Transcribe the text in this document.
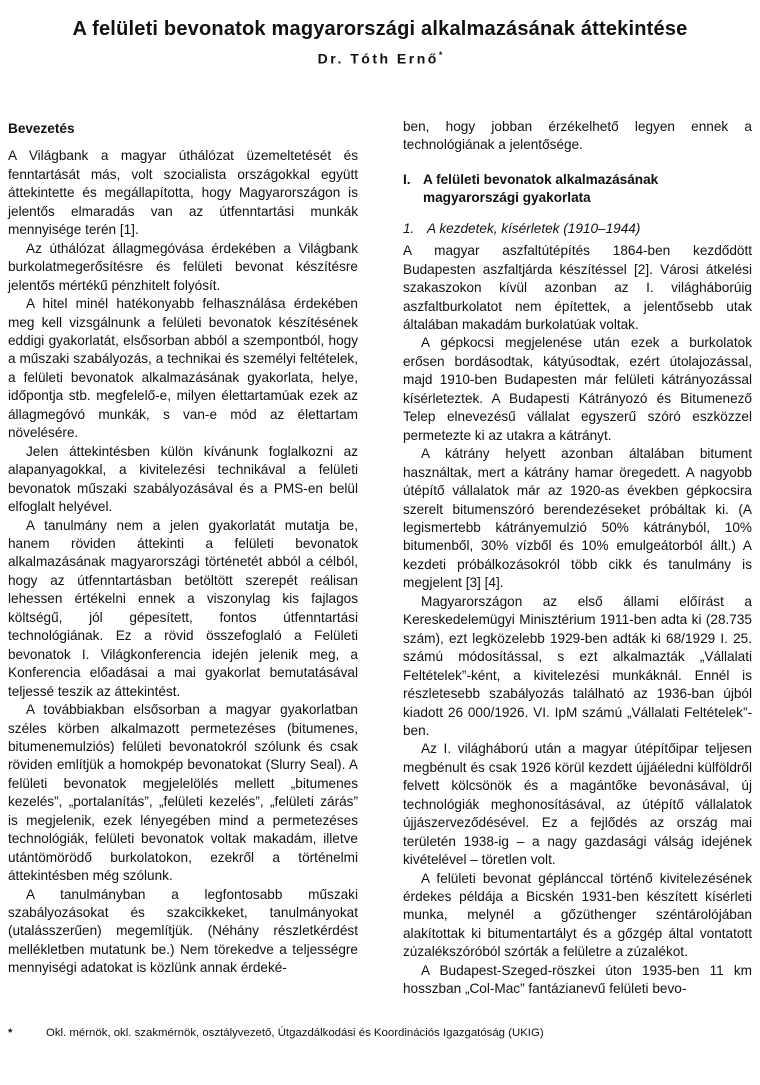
A felületi bevonatok magyarországi alkalmazásának áttekintése
Dr. Tóth Ernő*
Bevezetés

A Világbank a magyar úthálózat üzemeltetését és fenntartását más, volt szocialista országokkal együtt áttekintette és megállapította, hogy Magyarországon is jelentős elmaradás van az útfenntartási munkák mennyisége terén [1].

Az úthálózat állagmegóvása érdekében a Világbank burkolatmegerősítésre és felületi bevonat készítésre jelentős mértékű pénzhitelt folyósít.

A hitel minél hatékonyabb felhasználása érdekében meg kell vizsgálnunk a felületi bevonatok készítésének eddigi gyakorlatát, elsősorban abból a szempontból, hogy a műszaki szabályozás, a technikai és személyi feltételek, a felületi bevonatok alkalmazásának gyakorlata, helye, időpontja stb. megfelelő-e, milyen élettartamúak ezek az állagmegóvó munkák, s van-e mód az élettartam növelésére.

Jelen áttekintésben külön kívánunk foglalkozni az alapanyagokkal, a kivitelezési technikával a felületi bevonatok műszaki szabályozásával és a PMS-en belül elfoglalt helyével.

A tanulmány nem a jelen gyakorlatát mutatja be, hanem röviden áttekinti a felületi bevonatok alkalmazásának magyarországi történetét abból a célból, hogy az útfenntartásban betöltött szerepét reálisan lehessen értékelni ennek a viszonylag kis fajlagos költségű, jól gépesített, fontos útfenntartási technológiának. Ez a rövid összefoglaló a Felületi bevonatok I. Világkonferencia idején jelenik meg, a Konferencia előadásai a mai gyakorlat bemutatásával teljessé teszik az áttekintést.

A továbbiakban elsősorban a magyar gyakorlatban széles körben alkalmazott permetezéses (bitumenes, bitumenemulziós) felületi bevonatokról szólunk és csak röviden említjük a homokpép bevonatokat (Slurry Seal). A felületi bevonatok megjelelölés mellett „bitumenes kezelés”, „portalanítás”, „felületi kezelés”, „felületi zárás” is megjelenik, ezek lényegében mind a permetezéses technológiák, felületi bevonatok voltak makadám, illetve utántömörödő burkolatokon, ezekről a történelmi áttekintésben még szólunk.

A tanulmányban a legfontosabb műszaki szabályozásokat és szakcikkeket, tanulmányokat (utalásszerűen) megemlítjük. (Néhány részletkérdést mellékletben mutatunk be.) Nem törekedve a teljességre mennyiségi adatokat is közlünk annak érdeké-

ben, hogy jobban érzékelhető legyen ennek a technológiának a jelentősége.

I. A felületi bevonatok alkalmazásának magyarországi gyakorlata
1. A kezdetek, kísérletek (1910–1944)

A magyar aszfaltútépítés 1864-ben kezdődött Budapesten aszfaltjárda készítéssel [2]. Városi átkelési szakaszokon kívül azonban az I. világháborúig aszfaltburkolatot nem építettek, a jelentősebb utak általában makadám burkolatúak voltak.

A gépkocsi megjelenése után ezek a burkolatok erősen bordásodtak, kátyúsodtak, ezért útolajozással, majd 1910-ben Budapesten már felületi kátrányozással kísérleteztek. A Budapesti Kátrányozó és Bitumenező Telep elnevezésű vállalat egyszerű szóró eszközzel permetezte ki az utakra a kátrányt.

A kátrány helyett azonban általában bitument használtak, mert a kátrány hamar öregedett. A nagyobb útépítő vállalatok már az 1920-as években gépkocsira szerelt bitumenszóró berendezéseket próbáltak ki. (A legismertebb kátrányemulzió 50% kátrányból, 10% bitumenből, 30% vízből és 10% emulgeátorból állt.) A kezdeti próbálkozásokról több cikk és tanulmány is megjelent [3] [4].

Magyarországon az első állami előírást a Kereskedelemügyi Minisztérium 1911-ben adta ki (28.735 szám), ezt legközelebb 1929-ben adták ki 68/1929 I. 25. számú módosítással, s ezt alkalmazták „Vállalati Feltételek”-ként, a kivitelezési munkáknál. Ennél is részletesebb szabályozás található az 1936-ban újból kiadott 26 000/1926. VI. IpM számú „Vállalati Feltételek”-ben.

Az I. világháború után a magyar útépítőipar teljesen megbénult és csak 1926 körül kezdett újjáéledni külföldről felvett kölcsönök és a magántőke bevonásával, új technológiák meghonosításával, az útépítő vállalatok újjászerveződésével. Ez a fejlődés az ország mai területén 1938-ig – a nagy gazdasági válság idejének kivételével – töretlen volt.

A felületi bevonat géplánccal történő kivitelezésének érdekes példája a Bicskén 1931-ben készített kísérleti munka, melynél a gőzüthenger széntárolójában alakítottak ki bitumentartályt és a gőzgép által vontatott zúzalékszóróból szórták a felületre a zúzalékot.

A Budapest-Szeged-röszkei úton 1935-ben 11 km hosszban „Col-Mac” fantázianevű felületi bevo-

*	Okl. mérnök, okl. szakmérnök, osztályvezető, Útgazdálkodási és Koordinációs Igazgatóság (UKIG)
